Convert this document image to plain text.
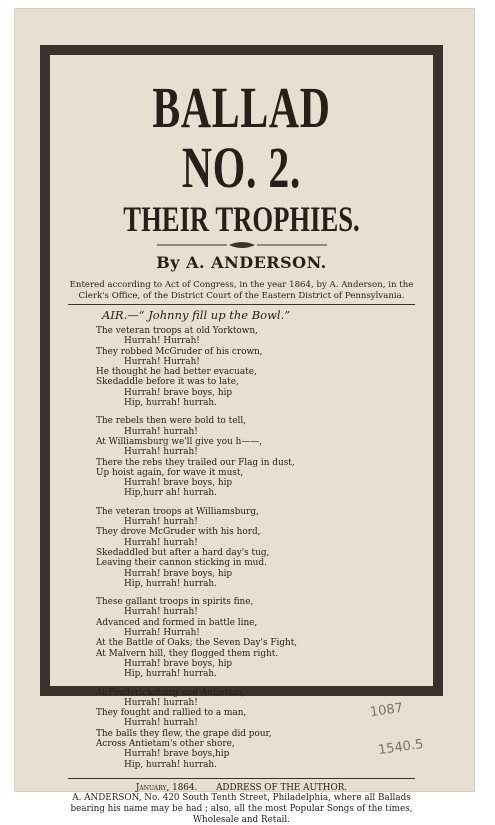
BALLAD NO. 2.
THEIR TROPHIES.
By A. ANDERSON.
Entered according to Act of Congress, in the year 1864, by A. Anderson, in the Clerk's Office, of the District Court of the Eastern District of Pennsylvania.
AIR.—“ Johnny fill up the Bowl.”
The veteran troops at old Yorktown,
Hurrah! Hurrah!
They robbed McGruder of his crown,
Hurrah! Hurrah!
He thought he had better evacuate,
Skedaddle before it was to late,
Hurrah! brave boys, hip
Hip, hurrah! hurrah.
The rebels then were bold to tell,
Hurrah! hurrah!
At Williamsburg we'll give you h——,
Hurrah! hurrah!
There the rebs they trailed our Flag in dust,
Up hoist again, for wave it must,
Hurrah! brave boys, hip
Hip,hurr ah! hurrah.
The veteran troops at Williamsburg,
Hurrah! hurrah!
They drove McGruder with his hord,
Hurrah! hurrah!
Skedaddled but after a hard day's tug,
Leaving their cannon sticking in mud.
Hurrah! brave boys, hip
Hip, hurrah! hurrah.
These gallant troops in spirits fine,
Hurrah! hurrah!
Advanced and formed in battle line,
Hurrah! Hurrah!
At the Battle of Oaks; the Seven Day's Fight,
At Malvern hill, they flogged them right.
Hurrah! brave boys, hip
Hip, hurrah! hurrah.
At Fredericksburg and Antietam,
Hurrah! hurrah!
They fought and rallied to a man,
Hurrah! hurrah!
The balls they flew, the grape did pour,
Across Antietam's other shore,
Hurrah! brave boys,hip
Hip, hurrah! hurrah.
January, 1864. ADDRESS OF THE AUTHOR.
A. ANDERSON, No. 420 South Tenth Street, Philadelphia, where all Ballads bearing his name may be had ; also, all the most Popular Songs of the times, Wholesale and Retail.
1087
1540.5
